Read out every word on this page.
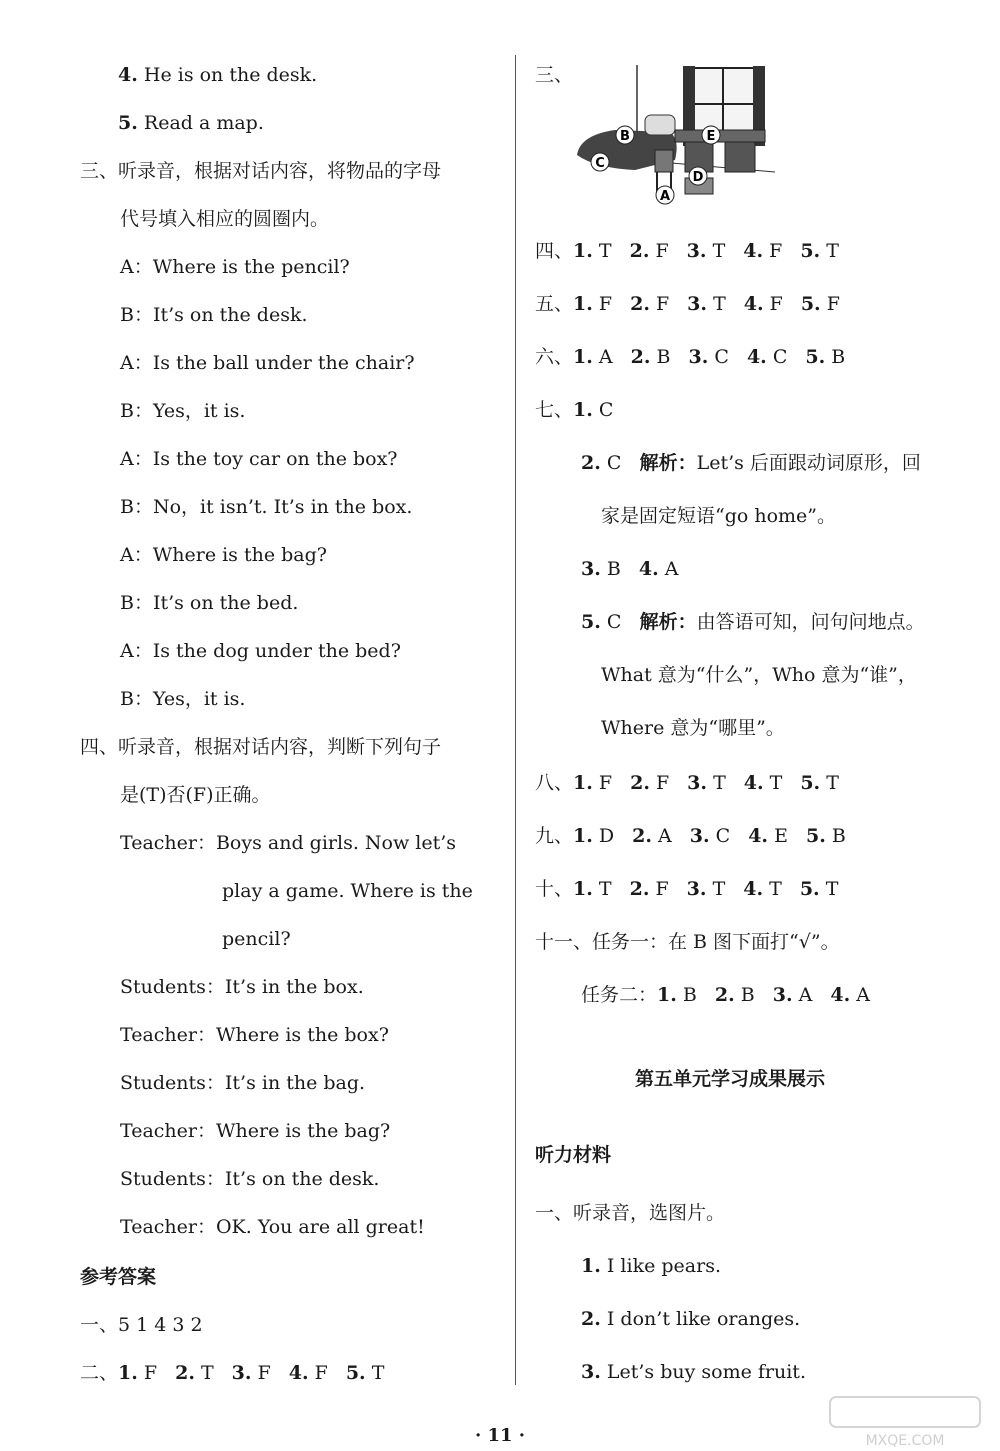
4. He is on the desk.
5. Read a map.
三、听录音，根据对话内容，将物品的字母
代号填入相应的圆圈内。
A：Where is the pencil?
B：It’s on the desk.
A：Is the ball under the chair?
B：Yes，it is.
A：Is the toy car on the box?
B：No，it isn’t. It’s in the box.
A：Where is the bag?
B：It’s on the bed.
A：Is the dog under the bed?
B：Yes，it is.
四、听录音，根据对话内容，判断下列句子
是(T)否(F)正确。
Teacher：Boys and girls. Now let’s
play a game. Where is the
pencil?
Students：It’s in the box.
Teacher：Where is the box?
Students：It’s in the bag.
Teacher：Where is the bag?
Students：It’s on the desk.
Teacher：OK. You are all great!
参考答案
一、5 1 4 3 2
二、1. F 2. T 3. F 4. F 5. T
三、
B
C
A
D
E
四、1. T 2. F 3. T 4. F 5. T
五、1. F 2. F 3. T 4. F 5. F
六、1. A 2. B 3. C 4. C 5. B
七、1. C
2. C 解析：Let’s 后面跟动词原形，回
家是固定短语“go home”。
3. B 4. A
5. C 解析：由答语可知，问句问地点。
What 意为“什么”，Who 意为“谁”，
Where 意为“哪里”。
八、1. F 2. F 3. T 4. T 5. T
九、1. D 2. A 3. C 4. E 5. B
十、1. T 2. F 3. T 4. T 5. T
十一、任务一：在 B 图下面打“√”。
任务二：1. B 2. B 3. A 4. A
第五单元学习成果展示
听力材料
一、听录音，选图片。
1. I like pears.
2. I don’t like oranges.
3. Let’s buy some fruit.
· 11 ·	MXQE.COM
